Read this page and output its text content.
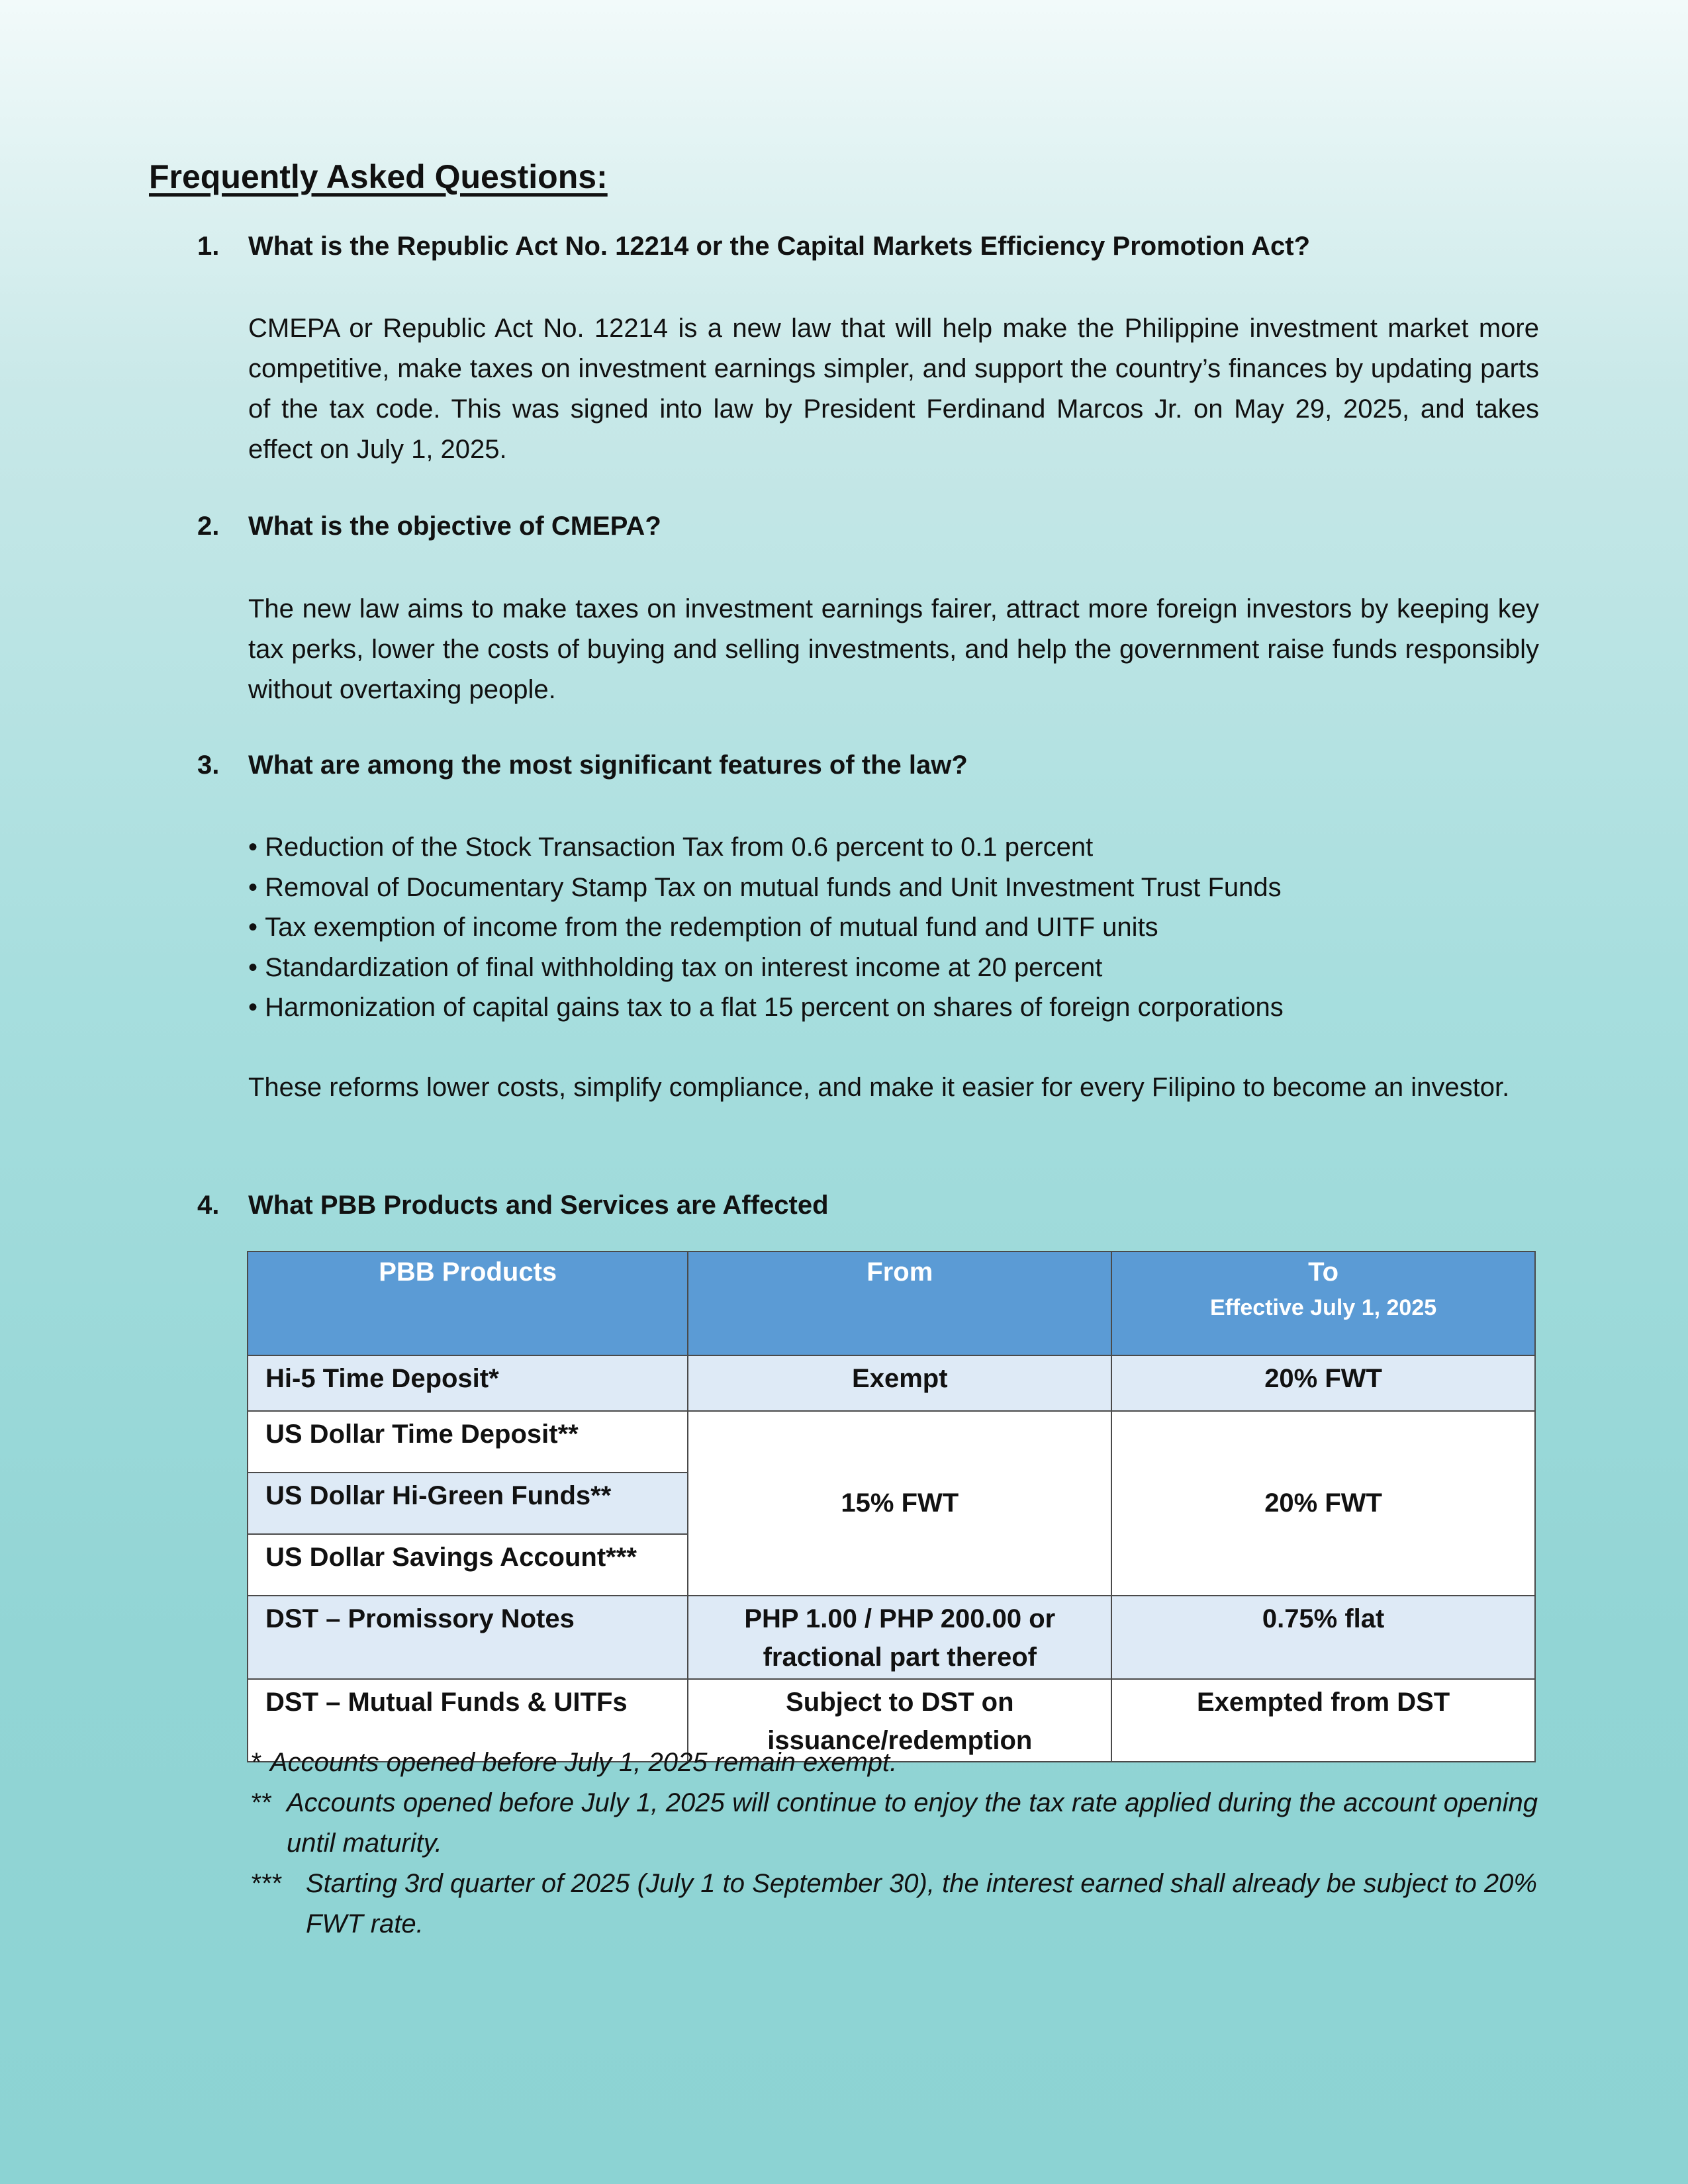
Frequently Asked Questions:
1. What is the Republic Act No. 12214 or the Capital Markets Efficiency Promotion Act?

CMEPA or Republic Act No. 12214 is a new law that will help make the Philippine investment market more competitive, make taxes on investment earnings simpler, and support the country’s finances by updating parts of the tax code. This was signed into law by President Ferdinand Marcos Jr. on May 29, 2025, and takes effect on July 1, 2025.

2. What is the objective of CMEPA?

The new law aims to make taxes on investment earnings fairer, attract more foreign investors by keeping key tax perks, lower the costs of buying and selling investments, and help the government raise funds responsibly without overtaxing people.

3. What are among the most significant features of the law?
• Reduction of the Stock Transaction Tax from 0.6 percent to 0.1 percent
• Removal of Documentary Stamp Tax on mutual funds and Unit Investment Trust Funds
• Tax exemption of income from the redemption of mutual fund and UITF units
• Standardization of final withholding tax on interest income at 20 percent
• Harmonization of capital gains tax to a flat 15 percent on shares of foreign corporations

These reforms lower costs, simplify compliance, and make it easier for every Filipino to become an investor.

4. What PBB Products and Services are Affected
PBB Products	From	To
Effective July 1, 2025

Hi-5 Time Deposit*	Exempt	20% FWT
US Dollar Time Deposit**	15% FWT	20% FWT
US Dollar Hi-Green Funds**		
US Dollar Savings Account***		
DST – Promissory Notes	PHP 1.00 / PHP 200.00 or fractional part thereof	0.75% flat
DST – Mutual Funds & UITFs	Subject to DST on issuance/redemption	Exempted from DST
* Accounts opened before July 1, 2025 remain exempt.

** Accounts opened before July 1, 2025 will continue to enjoy the tax rate applied during the account opening until maturity.

*** Starting 3rd quarter of 2025 (July 1 to September 30), the interest earned shall already be subject to 20% FWT rate.
